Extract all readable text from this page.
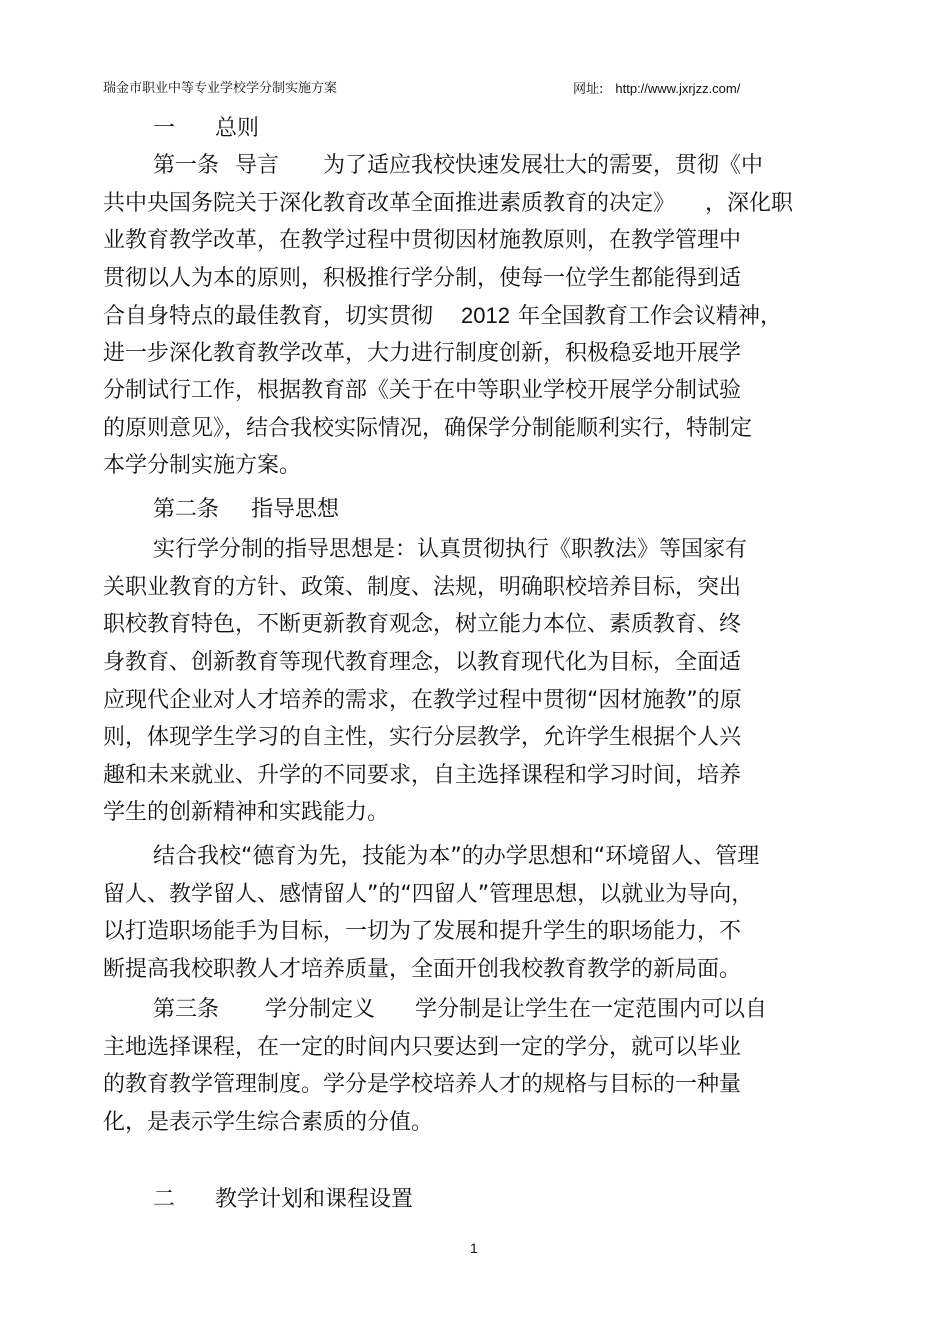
瑞金市职业中等专业学校学分制实施方案	网址: http://www.jxrjzz.com/
一 总则
第一条 导言 为了适应我校快速发展壮大的需要，贯彻《中
共中央国务院关于深化教育改革全面推进素质教育的决定》 ，深化职
业教育教学改革，在教学过程中贯彻因材施教原则，在教学管理中
贯彻以人为本的原则，积极推行学分制，使每一位学生都能得到适
合自身特点的最佳教育，切实贯彻 2012 年全国教育工作会议精神，
进一步深化教育教学改革，大力进行制度创新，积极稳妥地开展学
分制试行工作，根据教育部《关于在中等职业学校开展学分制试验
的原则意见》，结合我校实际情况，确保学分制能顺利实行，特制定
本学分制实施方案。
第二条 指导思想
实行学分制的指导思想是：认真贯彻执行《职教法》等国家有
关职业教育的方针、政策、制度、法规，明确职校培养目标，突出
职校教育特色，不断更新教育观念，树立能力本位、素质教育、终
身教育、创新教育等现代教育理念，以教育现代化为目标，全面适
应现代企业对人才培养的需求，在教学过程中贯彻“因材施教”的原
则，体现学生学习的自主性，实行分层教学，允许学生根据个人兴
趣和未来就业、升学的不同要求，自主选择课程和学习时间，培养
学生的创新精神和实践能力。
结合我校“德育为先，技能为本”的办学思想和“环境留人、管理
留人、教学留人、感情留人”的“四留人”管理思想，以就业为导向，
以打造职场能手为目标，一切为了发展和提升学生的职场能力，不
断提高我校职教人才培养质量，全面开创我校教育教学的新局面。
第三条 学分制定义 学分制是让学生在一定范围内可以自
主地选择课程，在一定的时间内只要达到一定的学分，就可以毕业
的教育教学管理制度。学分是学校培养人才的规格与目标的一种量
化，是表示学生综合素质的分值。
二 教学计划和课程设置
1
